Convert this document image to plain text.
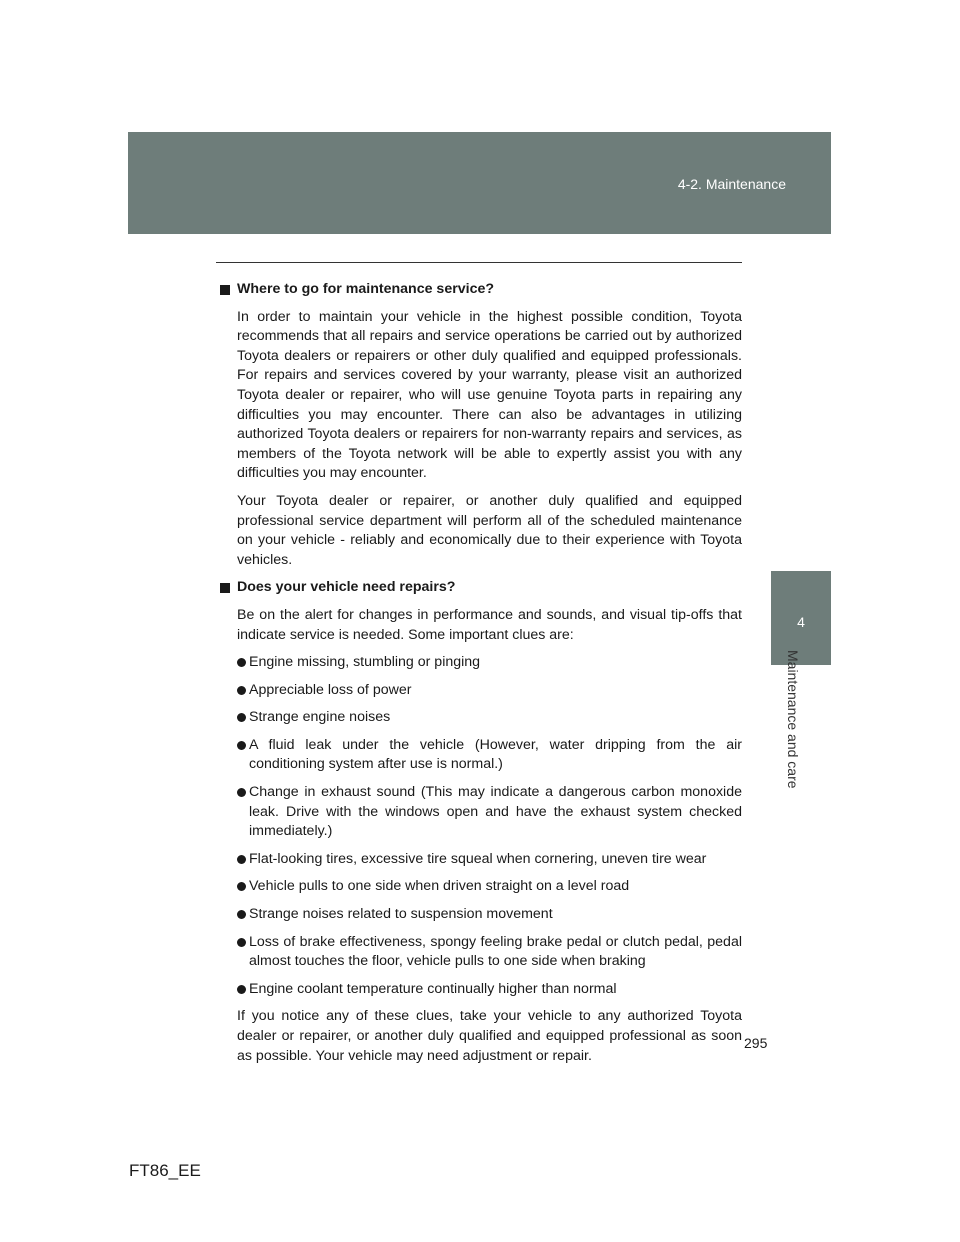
4-2. Maintenance
4
Maintenance and care

Where to go for maintenance service?

In order to maintain your vehicle in the highest possible condition, Toyota recommends that all repairs and service operations be carried out by authorized Toyota dealers or repairers or other duly qualified and equipped professionals. For repairs and services covered by your warranty, please visit an authorized Toyota dealer or repairer, who will use genuine Toyota parts in repairing any difficulties you may encounter. There can also be advantages in utilizing authorized Toyota dealers or repairers for non-warranty repairs and services, as members of the Toyota network will be able to expertly assist you with any difficulties you may encounter.

Your Toyota dealer or repairer, or another duly qualified and equipped professional service department will perform all of the scheduled maintenance on your vehicle - reliably and economically due to their experience with Toyota vehicles.

Does your vehicle need repairs?

Be on the alert for changes in performance and sounds, and visual tip-offs that indicate service is needed. Some important clues are:

Engine missing, stumbling or pinging

Appreciable loss of power

Strange engine noises

A fluid leak under the vehicle (However, water dripping from the air conditioning system after use is normal.)

Change in exhaust sound (This may indicate a dangerous carbon monoxide leak. Drive with the windows open and have the exhaust system checked immediately.)

Flat-looking tires, excessive tire squeal when cornering, uneven tire wear

Vehicle pulls to one side when driven straight on a level road

Strange noises related to suspension movement

Loss of brake effectiveness, spongy feeling brake pedal or clutch pedal, pedal almost touches the floor, vehicle pulls to one side when braking

Engine coolant temperature continually higher than normal

If you notice any of these clues, take your vehicle to any authorized Toyota dealer or repairer, or another duly qualified and equipped professional as soon as possible. Your vehicle may need adjustment or repair.

295
FT86_EE
